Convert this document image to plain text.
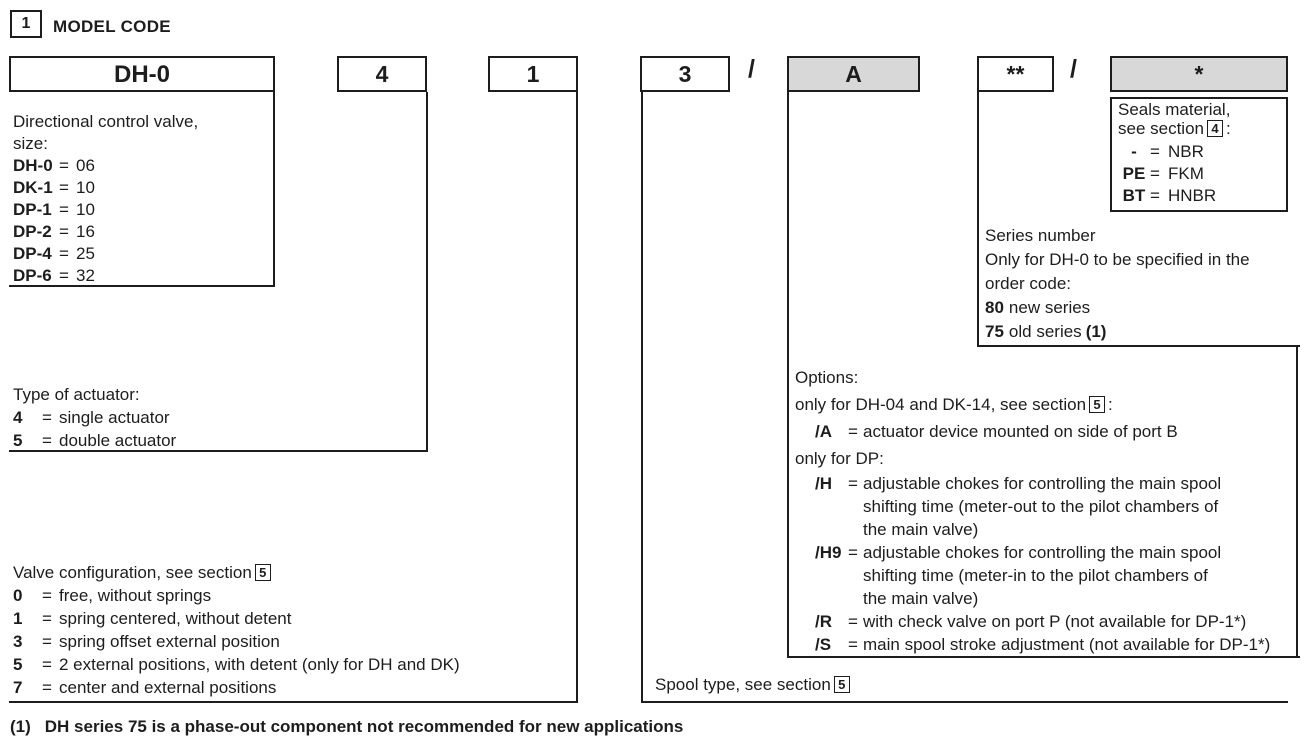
1	MODEL CODE
DH-0	4	1	3	/	A	**	/	*
Directional control valve,
size:
DH-0 = 06
DK-1 = 10
DP-1 = 10
DP-2 = 16
DP-4 = 25
DP-6 = 32
Type of actuator:
4 = single actuator
5 = double actuator
Valve configuration, see section 5
0 = free, without springs
1 = spring centered, without detent
3 = spring offset external position
5 = 2 external positions, with detent (only for DH and DK)
7 = center and external positions	Spool type, see section 5
Options:
only for DH-04 and DK-14, see section 5 :
/A = actuator device mounted on side of port B
only for DP:
/H = adjustable chokes for controlling the main spool
shifting time (meter-out to the pilot chambers of
the main valve)
/H9 = adjustable chokes for controlling the main spool
shifting time (meter-in to the pilot chambers of
the main valve)
/R = with check valve on port P (not available for DP-1*)
/S = main spool stroke adjustment (not available for DP-1*)
Series number
Only for DH-0 to be specified in the order code:
80 new series
75 old series (1)
Seals material,
see section 4 :
- = NBR
PE = FKM
BT = HNBR
(1) DH series 75 is a phase-out component not recommended for new applications
